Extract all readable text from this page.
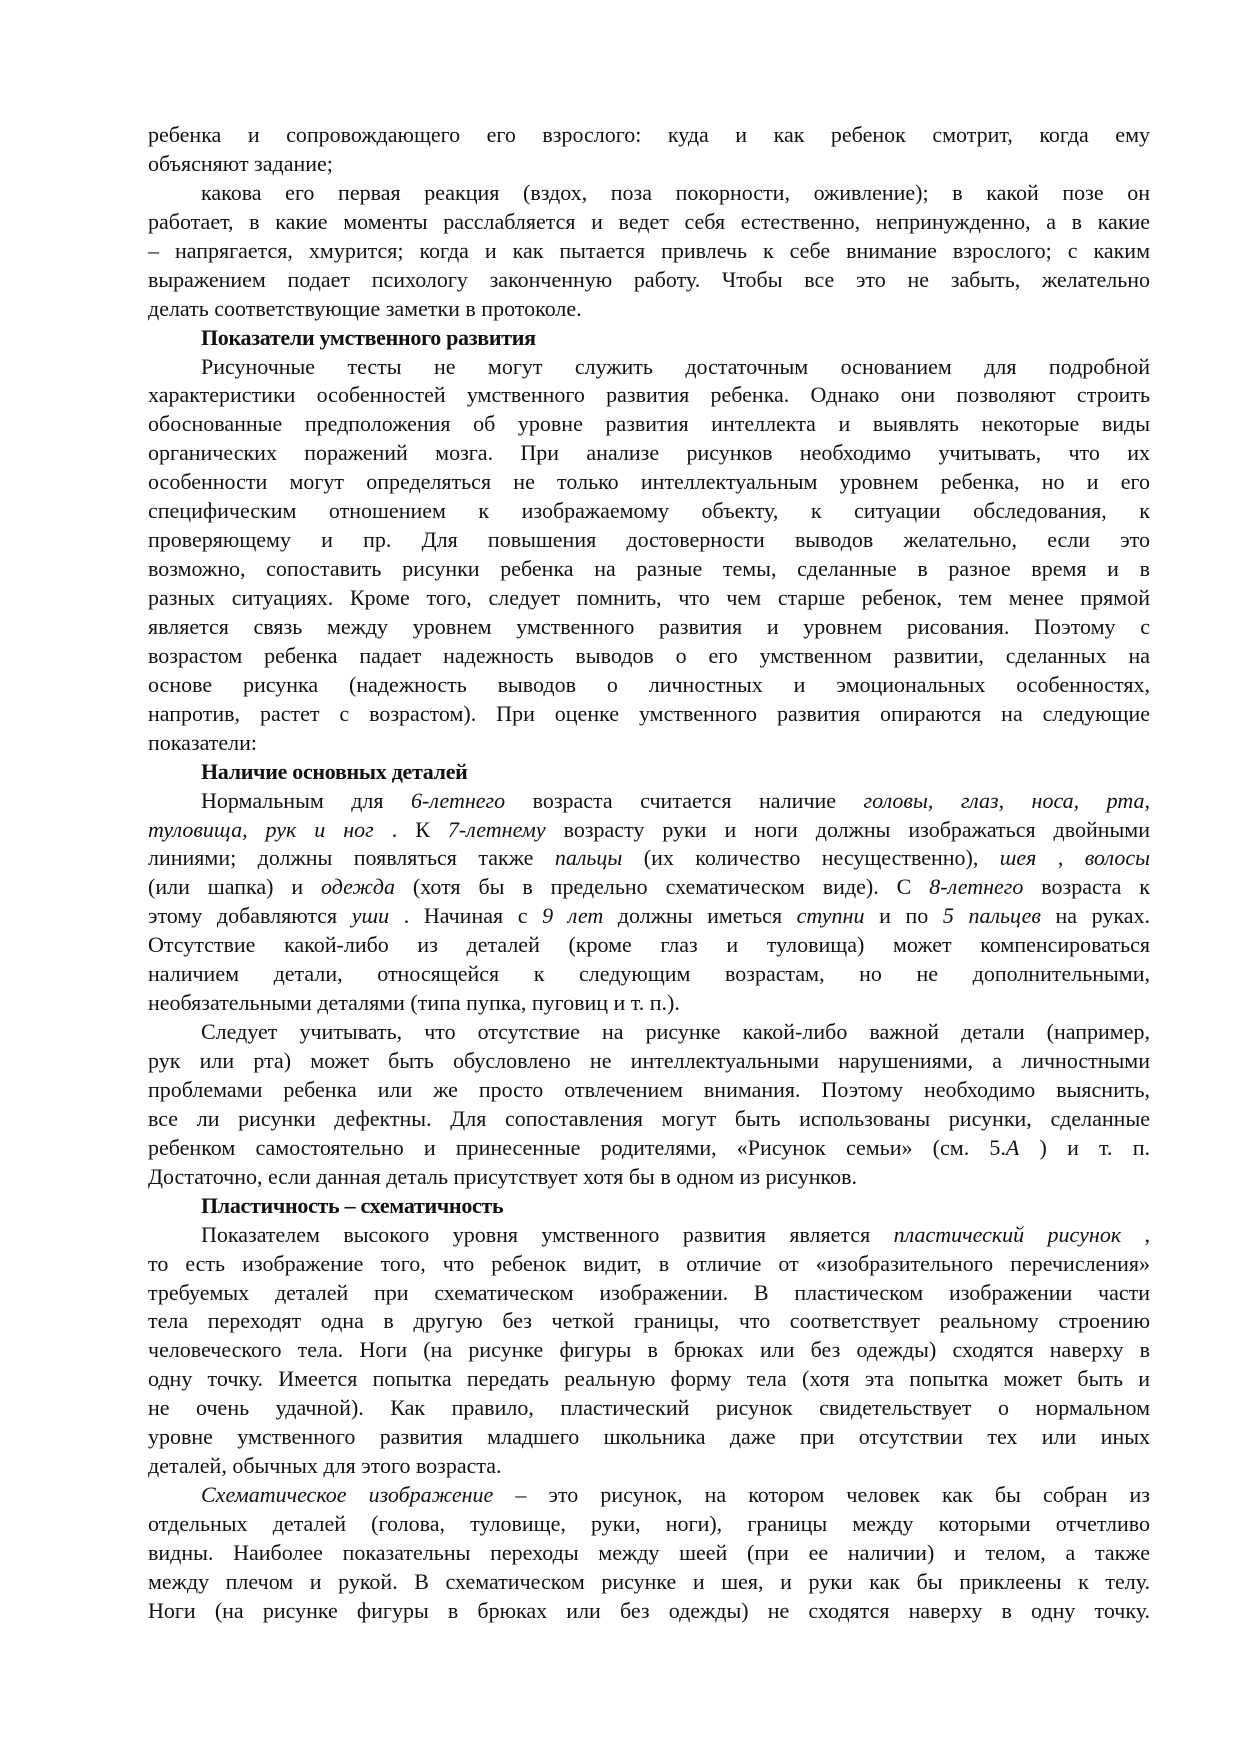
ребенка и сопровождающего его взрослого: куда и как ребенок смотрит, когда ему
объясняют задание;
какова его первая реакция (вздох, поза покорности, оживление); в какой позе он
работает, в какие моменты расслабляется и ведет себя естественно, непринужденно, а в какие
– напрягается, хмурится; когда и как пытается привлечь к себе внимание взрослого; с каким
выражением подает психологу законченную работу. Чтобы все это не забыть, желательно
делать соответствующие заметки в протоколе.
Показатели умственного развития
Рисуночные тесты не могут служить достаточным основанием для подробной
характеристики особенностей умственного развития ребенка. Однако они позволяют строить
обоснованные предположения об уровне развития интеллекта и выявлять некоторые виды
органических поражений мозга. При анализе рисунков необходимо учитывать, что их
особенности могут определяться не только интеллектуальным уровнем ребенка, но и его
специфическим отношением к изображаемому объекту, к ситуации обследования, к
проверяющему и пр. Для повышения достоверности выводов желательно, если это
возможно, сопоставить рисунки ребенка на разные темы, сделанные в разное время и в
разных ситуациях. Кроме того, следует помнить, что чем старше ребенок, тем менее прямой
является связь между уровнем умственного развития и уровнем рисования. Поэтому с
возрастом ребенка падает надежность выводов о его умственном развитии, сделанных на
основе рисунка (надежность выводов о личностных и эмоциональных особенностях,
напротив, растет с возрастом). При оценке умственного развития опираются на следующие
показатели:
Наличие основных деталей
Нормальным для 6-летнего возраста считается наличие головы, глаз, носа, рта,
туловища, рук и ног . К 7-летнему возрасту руки и ноги должны изображаться двойными
линиями; должны появляться также пальцы (их количество несущественно), шея , волосы
(или шапка) и одежда (хотя бы в предельно схематическом виде). С 8-летнего возраста к
этому добавляются уши . Начиная с 9 лет должны иметься ступни и по 5 пальцев на руках.
Отсутствие какой-либо из деталей (кроме глаз и туловища) может компенсироваться
наличием детали, относящейся к следующим возрастам, но не дополнительными,
необязательными деталями (типа пупка, пуговиц и т. п.).
Следует учитывать, что отсутствие на рисунке какой-либо важной детали (например,
рук или рта) может быть обусловлено не интеллектуальными нарушениями, а личностными
проблемами ребенка или же просто отвлечением внимания. Поэтому необходимо выяснить,
все ли рисунки дефектны. Для сопоставления могут быть использованы рисунки, сделанные
ребенком самостоятельно и принесенные родителями, «Рисунок семьи» (см. 5.А ) и т. п.
Достаточно, если данная деталь присутствует хотя бы в одном из рисунков.
Пластичность – схематичность
Показателем высокого уровня умственного развития является пластический рисунок ,
то есть изображение того, что ребенок видит, в отличие от «изобразительного перечисления»
требуемых деталей при схематическом изображении. В пластическом изображении части
тела переходят одна в другую без четкой границы, что соответствует реальному строению
человеческого тела. Ноги (на рисунке фигуры в брюках или без одежды) сходятся наверху в
одну точку. Имеется попытка передать реальную форму тела (хотя эта попытка может быть и
не очень удачной). Как правило, пластический рисунок свидетельствует о нормальном
уровне умственного развития младшего школьника даже при отсутствии тех или иных
деталей, обычных для этого возраста.
Схематическое изображение – это рисунок, на котором человек как бы собран из
отдельных деталей (голова, туловище, руки, ноги), границы между которыми отчетливо
видны. Наиболее показательны переходы между шеей (при ее наличии) и телом, а также
между плечом и рукой. В схематическом рисунке и шея, и руки как бы приклеены к телу.
Ноги (на рисунке фигуры в брюках или без одежды) не сходятся наверху в одну точку.
